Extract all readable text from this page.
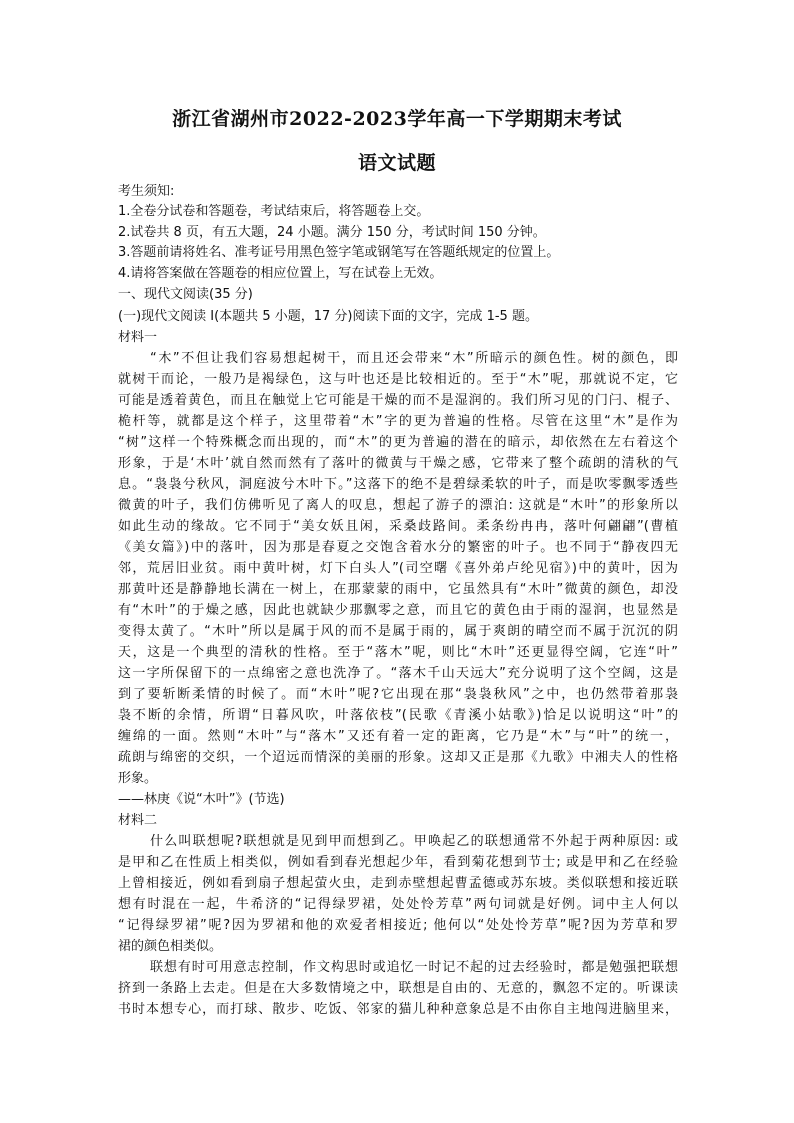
浙江省湖州市2022-2023学年高一下学期期末考试
语文试题
考生须知:
1.全卷分试卷和答题卷，考试结束后，将答题卷上交。
2.试卷共 8 页，有五大题，24 小题。满分 150 分，考试时间 150 分钟。
3.答题前请将姓名、准考证号用黑色签字笔或钢笔写在答题纸规定的位置上。
4.请将答案做在答题卷的相应位置上，写在试卷上无效。
一、现代文阅读(35 分)
(一)现代文阅读 I(本题共 5 小题，17 分)阅读下面的文字，完成 1-5 题。
材料一
“木”不但让我们容易想起树干，而且还会带来“木”所暗示的颜色性。树的颜色，即
就树干而论，一般乃是褐绿色，这与叶也还是比较相近的。至于“木”呢，那就说不定，它
可能是透着黄色，而且在触觉上它可能是干燥的而不是湿润的。我们所习见的门闩、棍子、
桅杆等，就都是这个样子，这里带着“木”字的更为普遍的性格。尽管在这里“木”是作为
“树”这样一个特殊概念而出现的，而“木”的更为普遍的潜在的暗示，却依然在左右着这个
形象，于是‘木叶’就自然而然有了落叶的微黄与干燥之感，它带来了整个疏朗的清秋的气
息。“袅袅兮秋风，洞庭波兮木叶下。”这落下的绝不是碧绿柔软的叶子，而是吹零飘零透些
微黄的叶子，我们仿佛听见了离人的叹息，想起了游子的漂泊: 这就是“木叶”的形象所以
如此生动的缘故。它不同于“美女妖且闲，采桑歧路间。柔条纷冉冉，落叶何翩翩”(曹植
《美女篇》)中的落叶，因为那是春夏之交饱含着水分的繁密的叶子。也不同于“静夜四无
邻，荒居旧业贫。雨中黄叶树，灯下白头人”(司空曙《喜外弟卢纶见宿》)中的黄叶，因为
那黄叶还是静静地长满在一树上，在那蒙蒙的雨中，它虽然具有“木叶”微黄的颜色，却没
有“木叶”的于燥之感，因此也就缺少那飘零之意，而且它的黄色由于雨的湿润，也显然是
变得太黄了。“木叶”所以是属于风的而不是属于雨的，属于爽朗的晴空而不属于沉沉的阴
天，这是一个典型的清秋的性格。至于“落木”呢，则比“木叶”还更显得空阔，它连“叶”
这一字所保留下的一点绵密之意也洗净了。“落木千山天远大”充分说明了这个空阔，这是
到了要斩断柔情的时候了。而“木叶”呢?它出现在那“袅袅秋风”之中，也仍然带着那袅
袅不断的余情，所谓“日暮风吹，叶落依枝”(民歌《青溪小姑歌》)恰足以说明这“叶”的
缠绵的一面。然则“木叶”与“落木”又还有着一定的距离，它乃是“木”与“叶”的统一，
疏朗与绵密的交织，一个迢远而情深的美丽的形象。这却又正是那《九歌》中湘夫人的性格
形象。
——林庚《说“木叶”》(节选)
材料二
什么叫联想呢?联想就是见到甲而想到乙。甲唤起乙的联想通常不外起于两种原因: 或
是甲和乙在性质上相类似，例如看到春光想起少年，看到菊花想到节士; 或是甲和乙在经验
上曾相接近，例如看到扇子想起萤火虫，走到赤壁想起曹孟德或苏东坡。类似联想和接近联
想有时混在一起，牛希济的“记得绿罗裙，处处怜芳草”两句词就是好例。词中主人何以
“记得绿罗裙”呢?因为罗裙和他的欢爱者相接近; 他何以“处处怜芳草”呢?因为芳草和罗
裙的颜色相类似。
联想有时可用意志控制，作文构思时或追忆一时记不起的过去经验时，都是勉强把联想
挤到一条路上去走。但是在大多数情境之中，联想是自由的、无意的，飘忽不定的。听课读
书时本想专心，而打球、散步、吃饭、邻家的猫儿种种意象总是不由你自主地闯进脑里来，
